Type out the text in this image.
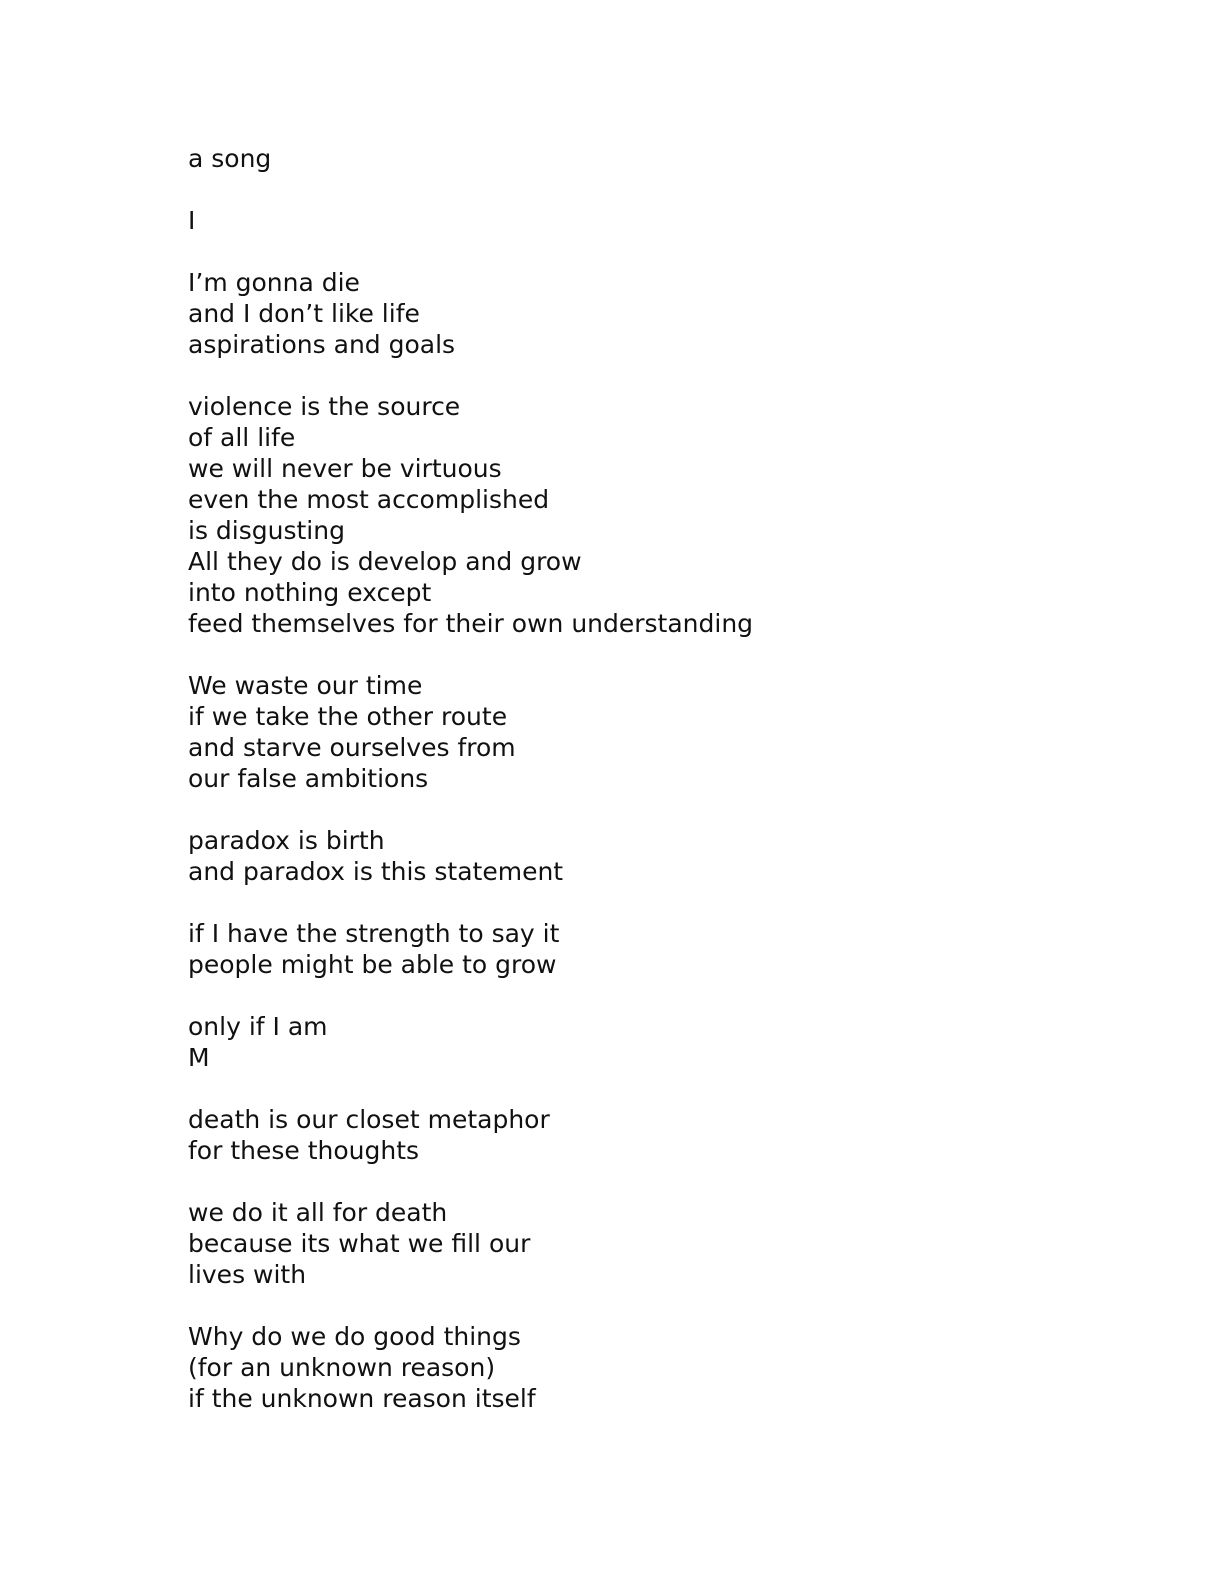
a song
I
I’m gonna die
and I don’t like life
aspirations and goals
violence is the source
of all life
we will never be virtuous
even the most accomplished
is disgusting
All they do is develop and grow
into nothing except
feed themselves for their own understanding
We waste our time
if we take the other route
and starve ourselves from
our false ambitions
paradox is birth
and paradox is this statement
if I have the strength to say it
people might be able to grow
only if I am
M
death is our closet metaphor
for these thoughts
we do it all for death
because its what we fill our
lives with
Why do we do good things
(for an unknown reason)
if the unknown reason itself
